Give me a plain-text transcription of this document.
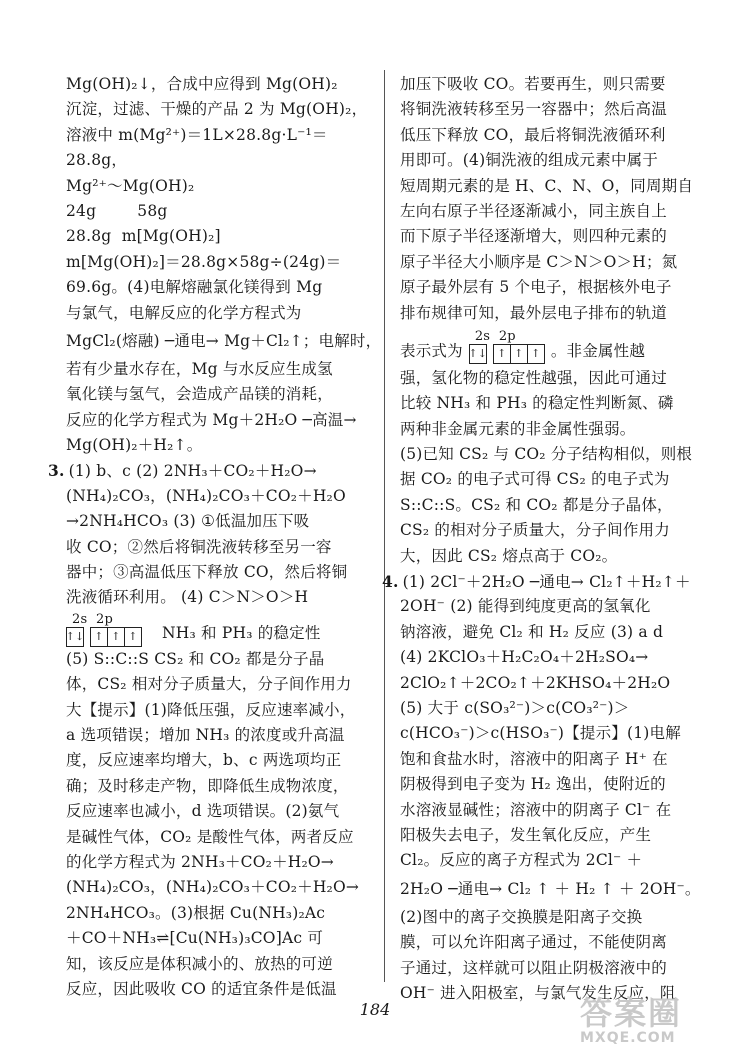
Mg(OH)₂↓，合成中应得到 Mg(OH)₂
沉淀，过滤、干燥的产品 2 为 Mg(OH)₂，
溶液中 m(Mg²⁺)＝1L×28.8g·L⁻¹＝
28.8g，
Mg²⁺～Mg(OH)₂
24g        58g
28.8g  m[Mg(OH)₂]
m[Mg(OH)₂]＝28.8g×58g÷(24g)＝
69.6g。(4)电解熔融氯化镁得到 Mg
与氯气，电解反应的化学方程式为
MgCl₂(熔融) ─通电→ Mg＋Cl₂↑；电解时，
若有少量水存在，Mg 与水反应生成氢
氧化镁与氢气，会造成产品镁的消耗，
反应的化学方程式为 Mg＋2H₂O ─高温→
Mg(OH)₂＋H₂↑。
3. (1) b、c (2) 2NH₃＋CO₂＋H₂O→
(NH₄)₂CO₃，(NH₄)₂CO₃＋CO₂＋H₂O
→2NH₄HCO₃ (3) ①低温加压下吸
收 CO；②然后将铜洗液转移至另一容
器中；③高温低压下释放 CO，然后将铜
洗液循环利用。 (4) C＞N＞O＞H
2s
↑↓
2p
↑ ↑ ↑ NH₃ 和 PH₃ 的稳定性
(5) S::C::S CS₂ 和 CO₂ 都是分子晶
体，CS₂ 相对分子质量大，分子间作用力
大【提示】(1)降低压强，反应速率减小，
a 选项错误；增加 NH₃ 的浓度或升高温
度，反应速率均增大，b、c 两选项均正
确；及时移走产物，即降低生成物浓度，
反应速率也减小，d 选项错误。(2)氨气
是碱性气体，CO₂ 是酸性气体，两者反应
的化学方程式为 2NH₃＋CO₂＋H₂O→
(NH₄)₂CO₃，(NH₄)₂CO₃＋CO₂＋H₂O→
2NH₄HCO₃。(3)根据 Cu(NH₃)₂Ac
＋CO＋NH₃⇌[Cu(NH₃)₃CO]Ac 可
知，该反应是体积减小的、放热的可逆
反应，因此吸收 CO 的适宜条件是低温
加压下吸收 CO。若要再生，则只需要
将铜洗液转移至另一容器中；然后高温
低压下释放 CO，最后将铜洗液循环利
用即可。(4)铜洗液的组成元素中属于
短周期元素的是 H、C、N、O，同周期自
左向右原子半径逐渐减小，同主族自上
而下原子半径逐渐增大，则四种元素的
原子半径大小顺序是 C＞N＞O＞H；氮
原子最外层有 5 个电子，根据核外电子
排布规律可知，最外层电子排布的轨道
表示式为
2s
↑↓
2p
↑ ↑ ↑ 。非金属性越
强，氢化物的稳定性越强，因此可通过
比较 NH₃ 和 PH₃ 的稳定性判断氮、磷
两种非金属元素的非金属性强弱。
(5)已知 CS₂ 与 CO₂ 分子结构相似，则根
据 CO₂ 的电子式可得 CS₂ 的电子式为
S::C::S。CS₂ 和 CO₂ 都是分子晶体，
CS₂ 的相对分子质量大，分子间作用力
大，因此 CS₂ 熔点高于 CO₂。
4. (1) 2Cl⁻＋2H₂O ─通电→ Cl₂↑＋H₂↑＋
2OH⁻ (2) 能得到纯度更高的氢氧化
钠溶液，避免 Cl₂ 和 H₂ 反应 (3) a d
(4) 2KClO₃＋H₂C₂O₄＋2H₂SO₄→
2ClO₂↑＋2CO₂↑＋2KHSO₄＋2H₂O
(5) 大于 c(SO₃²⁻)＞c(CO₃²⁻)＞
c(HCO₃⁻)＞c(HSO₃⁻)【提示】(1)电解
饱和食盐水时，溶液中的阳离子 H⁺ 在
阴极得到电子变为 H₂ 逸出，使附近的
水溶液显碱性；溶液中的阴离子 Cl⁻ 在
阳极失去电子，发生氧化反应，产生
Cl₂。反应的离子方程式为 2Cl⁻ ＋
2H₂O ─通电→ Cl₂ ↑ ＋ H₂ ↑ ＋ 2OH⁻。
(2)图中的离子交换膜是阳离子交换
膜，可以允许阳离子通过，不能使阴离
子通过，这样就可以阻止阴极溶液中的
OH⁻ 进入阳极室，与氯气发生反应，阻
184	答案圈
MXQE.COM
